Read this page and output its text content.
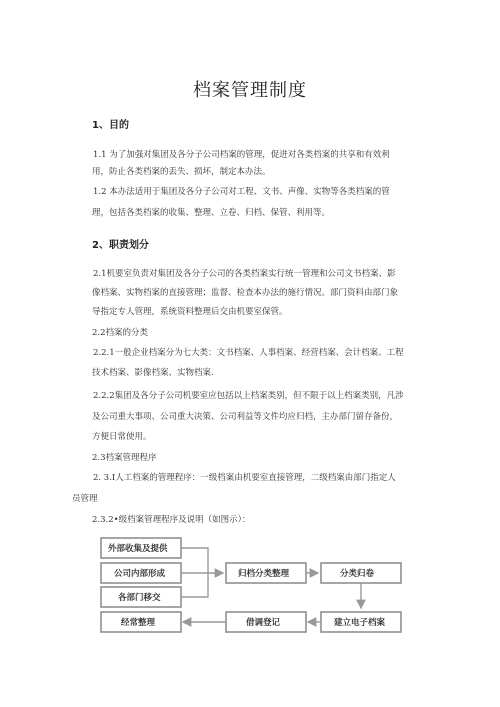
档案管理制度
1、目的
1.1 为了加强对集团及各分子公司档案的管理，促进对各类档案的共享和有效利
用，防止各类档案的丢失、损坏，制定本办法。
1.2 本办法适用于集团及各分子公司对工程、文书、声像、实物等各类档案的管
理，包括各类档案的收集、整理、立卷、归档、保管、利用等。
2、职责划分
2.1机要室负责对集团及各分子公司的各类档案实行统一管理和公司文书档案、影
像档案、实物档案的直接管理；监督、检查本办法的施行情况。部门资料由部门象
导指定专人管理，系统资料整理后交由机要室保管。
2.2档案的分类
2.2.1一般企业档案分为七大类：文书档案、人事档案、经营档案、会计档案、工程
技术档案、影像档案、实物档案.
2.2.2集团及各分子公司机要室应包括以上档案类别，但不限于以上档案类别，凡涉
及公司重大事项、公司重大决策、公司利益等文件均应归档，主办部门留存备份，
方便日常使用。
2.3档案管理程序
2. 3.I人工档案的管理程序：一级档案由机要室直接管理，二级档案由部门指定人
员管理
2.3.2•级档案管理程序及说明（如图示）：
外部收集及提供
公司内部形成
各部门移交
归档分类整理	分类归卷
建立电子档案
借调登记
经常整理
